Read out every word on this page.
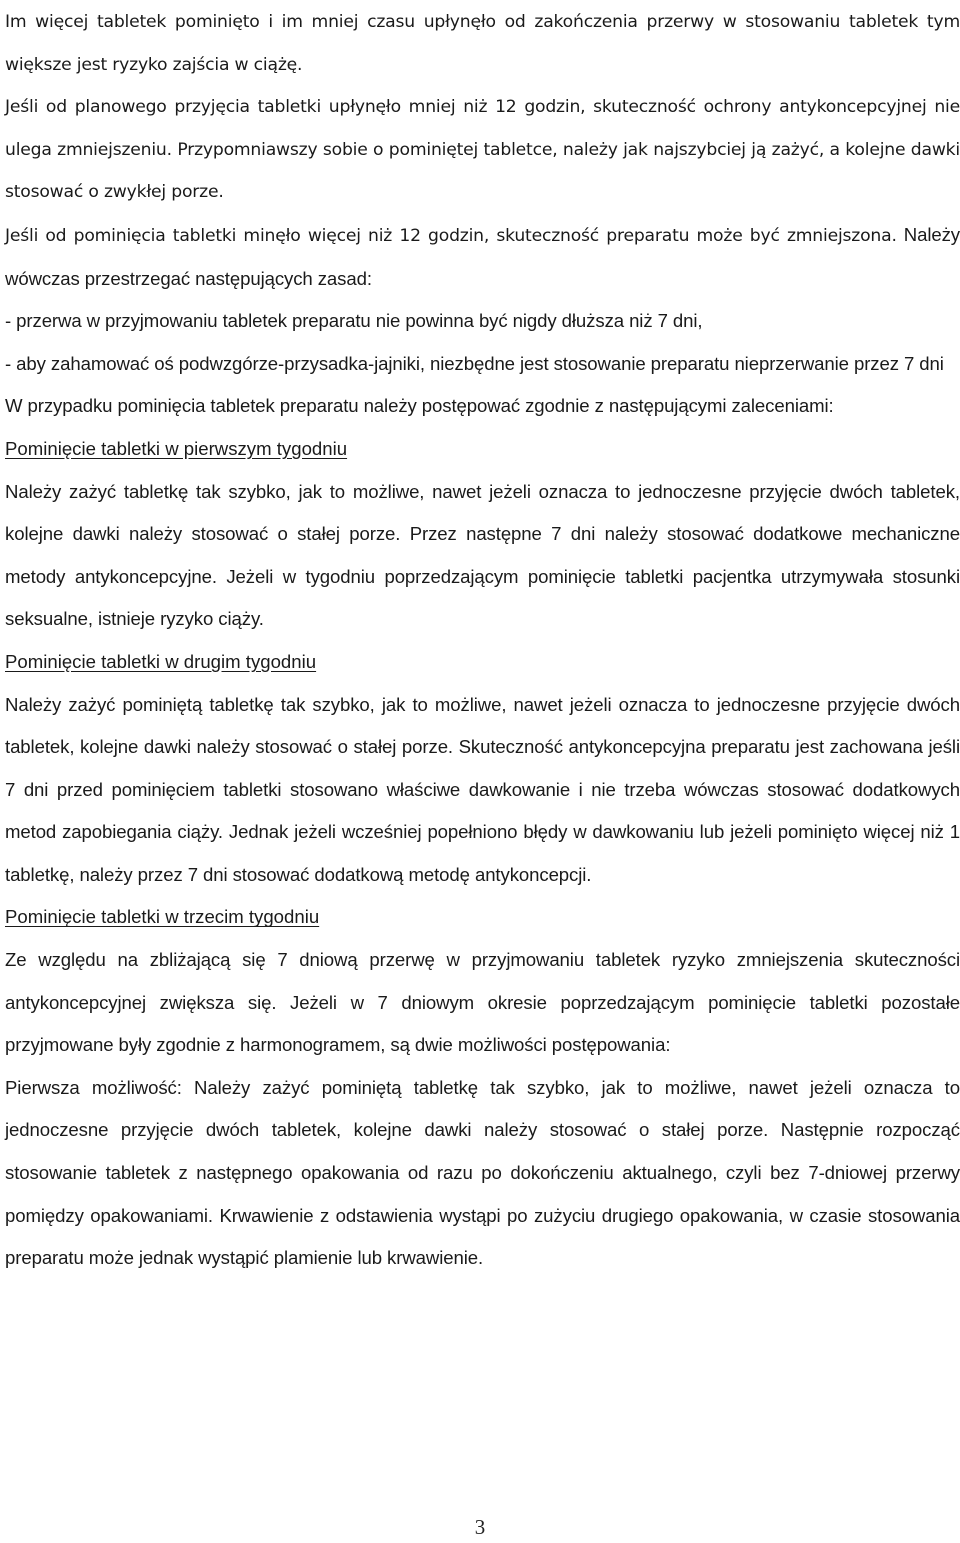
Im więcej tabletek pominięto i im mniej czasu upłynęło od zakończenia przerwy w stosowaniu tabletek tym większe jest ryzyko zajścia w ciążę.

Jeśli od planowego przyjęcia tabletki upłynęło mniej niż 12 godzin, skuteczność ochrony antykoncepcyjnej nie ulega zmniejszeniu. Przypomniawszy sobie o pominiętej tabletce, należy jak najszybciej ją zażyć, a kolejne dawki stosować o zwykłej porze.

Jeśli od pominięcia tabletki minęło więcej niż 12 godzin, skuteczność preparatu może być zmniejszona. Należy wówczas przestrzegać następujących zasad:

- przerwa w przyjmowaniu tabletek preparatu nie powinna być nigdy dłuższa niż 7 dni,

- aby zahamować oś podwzgórze-przysadka-jajniki, niezbędne jest stosowanie preparatu nieprzerwanie przez 7 dni

W przypadku pominięcia tabletek preparatu należy postępować zgodnie z następującymi zaleceniami:

Pominięcie tabletki w pierwszym tygodniu

Należy zażyć tabletkę tak szybko, jak to możliwe, nawet jeżeli oznacza to jednoczesne przyjęcie dwóch tabletek, kolejne dawki należy stosować o stałej porze. Przez następne 7 dni należy stosować dodatkowe mechaniczne metody antykoncepcyjne. Jeżeli w tygodniu poprzedzającym pominięcie tabletki pacjentka utrzymywała stosunki seksualne, istnieje ryzyko ciąży.

Pominięcie tabletki w drugim tygodniu

Należy zażyć pominiętą tabletkę tak szybko, jak to możliwe, nawet jeżeli oznacza to jednoczesne przyjęcie dwóch tabletek, kolejne dawki należy stosować o stałej porze. Skuteczność antykoncepcyjna preparatu jest zachowana jeśli 7 dni przed pominięciem tabletki stosowano właściwe dawkowanie i nie trzeba wówczas stosować dodatkowych metod zapobiegania ciąży. Jednak jeżeli wcześniej popełniono błędy w dawkowaniu lub jeżeli pominięto więcej niż 1 tabletkę, należy przez 7 dni stosować dodatkową metodę antykoncepcji.

Pominięcie tabletki w trzecim tygodniu

Ze względu na zbliżającą się 7 dniową przerwę w przyjmowaniu tabletek ryzyko zmniejszenia skuteczności antykoncepcyjnej zwiększa się. Jeżeli w 7 dniowym okresie poprzedzającym pominięcie tabletki pozostałe przyjmowane były zgodnie z harmonogramem, są dwie możliwości postępowania:

Pierwsza możliwość: Należy zażyć pominiętą tabletkę tak szybko, jak to możliwe, nawet jeżeli oznacza to jednoczesne przyjęcie dwóch tabletek, kolejne dawki należy stosować o stałej porze. Następnie rozpocząć stosowanie tabletek z następnego opakowania od razu po dokończeniu aktualnego, czyli bez 7-dniowej przerwy pomiędzy opakowaniami. Krwawienie z odstawienia wystąpi po zużyciu drugiego opakowania, w czasie stosowania preparatu może jednak wystąpić plamienie lub krwawienie.

3
